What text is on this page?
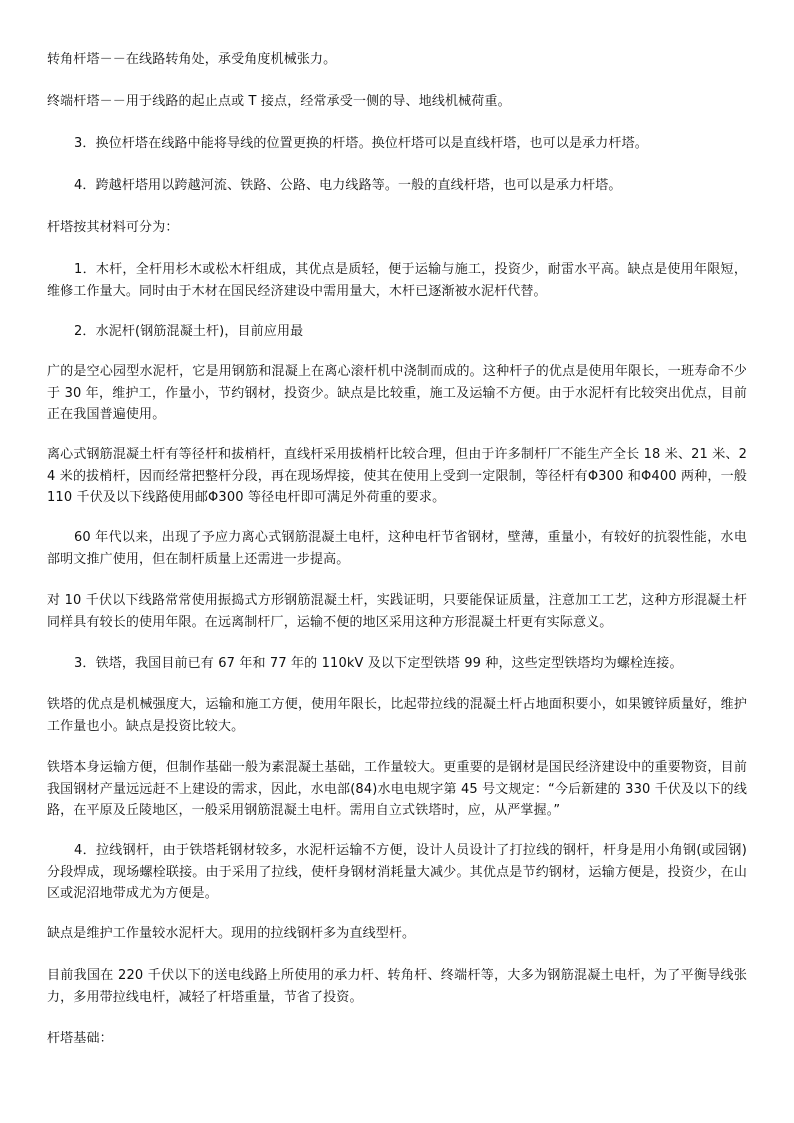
转角杆塔－－在线路转角处，承受角度机械张力。

终端杆塔－－用于线路的起止点或 T 接点，经常承受一侧的导、地线机械荷重。

3．换位杆塔在线路中能将导线的位置更换的杆塔。换位杆塔可以是直线杆塔，也可以是承力杆塔。

4．跨越杆塔用以跨越河流、铁路、公路、电力线路等。一般的直线杆塔，也可以是承力杆塔。

杆塔按其材料可分为：

1．木杆，全杆用杉木或松木杆组成，其优点是质轻，便于运输与施工，投资少，耐雷水平高。缺点是使用年限短，维修工作量大。同时由于木材在国民经济建设中需用量大，木杆已逐渐被水泥杆代替。

2．水泥杆(钢筋混凝土杆)，目前应用最

广的是空心园型水泥杆，它是用钢筋和混凝上在离心滚杆机中浇制而成的。这种杆子的优点是使用年限长，一班寿命不少于 30 年，维护工，作量小，节约钢材，投资少。缺点是比较重，施工及运输不方便。由于水泥杆有比较突出优点，目前正在我国普遍使用。

离心式钢筋混凝土杆有等径杆和拔梢杆，直线杆采用拔梢杆比较合理，但由于许多制杆厂不能生产全长 18 米、21 米、24 米的拔梢杆，因而经常把整杆分段，再在现场焊接，使其在使用上受到一定限制，等径杆有Φ300 和Φ400 两种，一般 110 千伏及以下线路使用邮Φ300 等径电杆即可满足外荷重的要求。

60 年代以来，出现了予应力离心式钢筋混凝土电杆，这种电杆节省钢材，壁薄，重量小，有较好的抗裂性能，水电部明文推广使用，但在制杆质量上还需进一步提高。

对 10 千伏以下线路常常使用振捣式方形钢筋混凝土杆，实践证明，只要能保证质量，注意加工工艺，这种方形混凝土杆同样具有较长的使用年限。在远离制杆厂，运输不便的地区采用这种方形混凝土杆更有实际意义。

3．铁塔，我国目前已有 67 年和 77 年的 110kV 及以下定型铁塔 99 种，这些定型铁塔均为螺栓连接。

铁塔的优点是机械强度大，运输和施工方便，使用年限长，比起带拉线的混凝土杆占地面积要小，如果镀锌质量好，维护工作量也小。缺点是投资比较大。

铁塔本身运输方便，但制作基础一般为素混凝土基础，工作量较大。更重要的是钢材是国民经济建设中的重要物资，目前我国钢材产量远远赶不上建设的需求，因此，水电部(84)水电电规字第 45 号文规定：“今后新建的 330 千伏及以下的线路，在平原及丘陵地区，一般采用钢筋混凝土电杆。需用自立式铁塔时，应，从严掌握。”

4．拉线钢杆，由于铁塔耗钢材较多，水泥杆运输不方便，设计人员设计了打拉线的钢杆，杆身是用小角钢(或园钢)分段焊成，现场螺栓联接。由于采用了拉线，使杆身钢材消耗量大减少。其优点是节约钢材，运输方便是，投资少，在山区或泥沼地带成尤为方便是。

缺点是维护工作量较水泥杆大。现用的拉线钢杆多为直线型杆。

目前我国在 220 千伏以下的送电线路上所使用的承力杆、转角杆、终端杆等，大多为钢筋混凝土电杆，为了平衡导线张力，多用带拉线电杆，减轻了杆塔重量，节省了投资。

杆塔基础：
